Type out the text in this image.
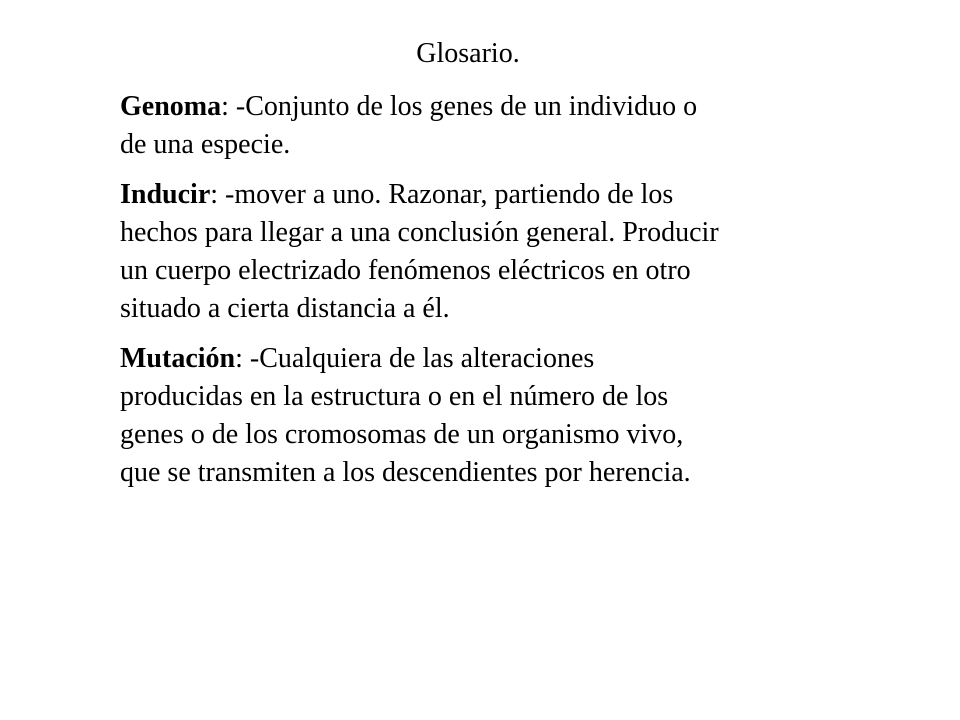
Glosario.

Genoma: -Conjunto de los genes de un individuo o de una especie.

Inducir: -mover a uno. Razonar, partiendo de los hechos para llegar a una conclusión general. Producir un cuerpo electrizado fenómenos eléctricos en otro situado a cierta distancia a él.

Mutación: -Cualquiera de las alteraciones producidas en la estructura o en el número de los genes o de los cromosomas de un organismo vivo, que se transmiten a los descendientes por herencia.
